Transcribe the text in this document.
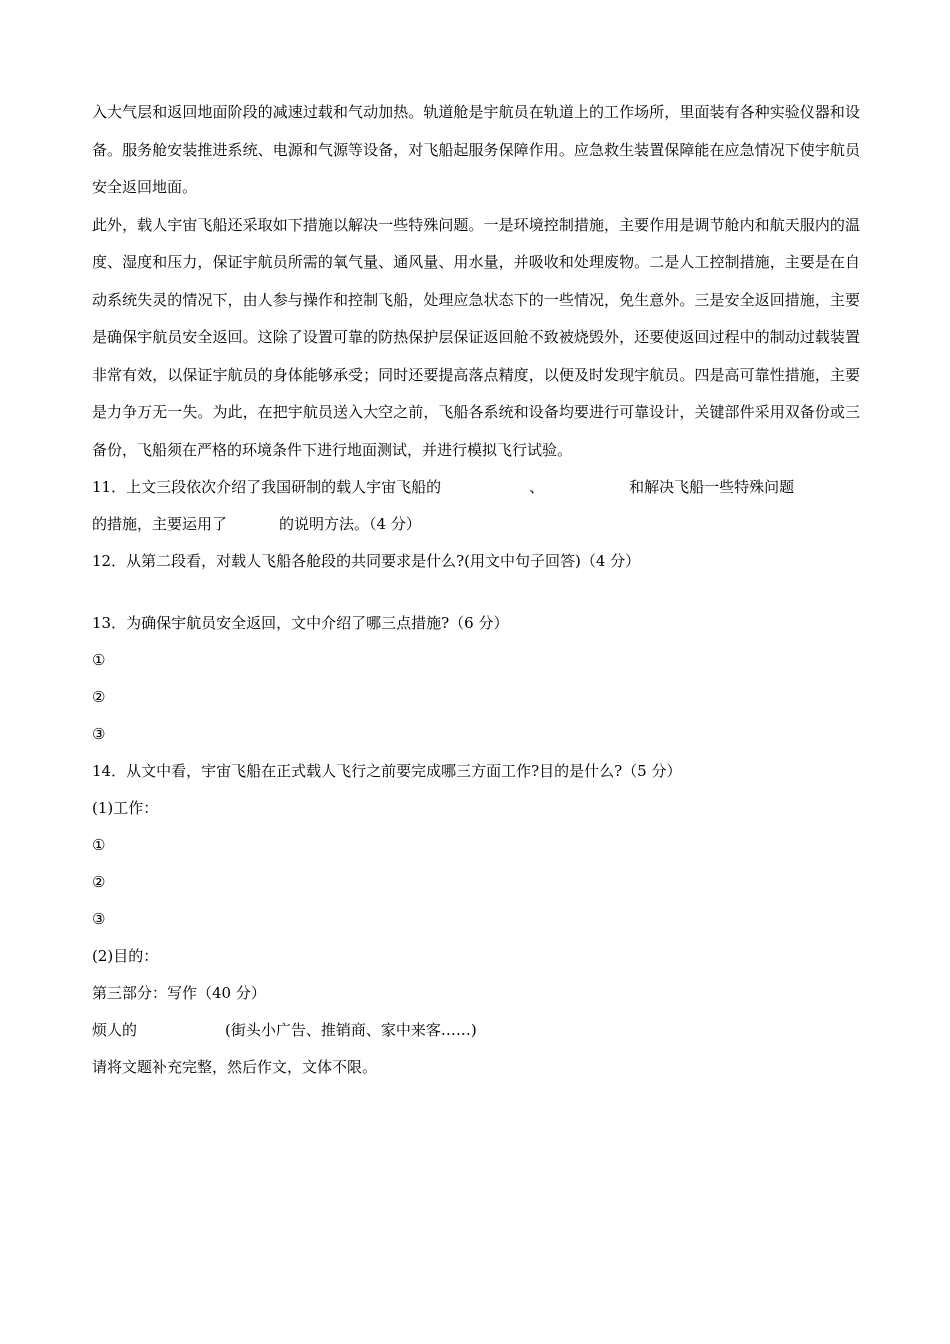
入大气层和返回地面阶段的减速过载和气动加热。轨道舱是宇航员在轨道上的工作场所，里面装有各种实验仪器和设备。服务舱安装推进系统、电源和气源等设备，对飞船起服务保障作用。应急救生装置保障能在应急情况下使宇航员安全返回地面。

此外，载人宇宙飞船还采取如下措施以解决一些特殊问题。一是环境控制措施，主要作用是调节舱内和航天服内的温度、湿度和压力，保证宇航员所需的氧气量、通风量、用水量，并吸收和处理废物。二是人工控制措施，主要是在自动系统失灵的情况下，由人参与操作和控制飞船，处理应急状态下的一些情况，免生意外。三是安全返回措施，主要是确保宇航员安全返回。这除了设置可靠的防热保护层保证返回舱不致被烧毁外，还要使返回过程中的制动过载装置非常有效，以保证宇航员的身体能够承受；同时还要提高落点精度，以便及时发现宇航员。四是高可靠性措施，主要是力争万无一失。为此，在把宇航员送入大空之前，飞船各系统和设备均要进行可靠设计，关键部件采用双备份或三备份，飞船须在严格的环境条件下进行地面测试，并进行模拟飞行试验。

11．上文三段依次介绍了我国研制的载人宇宙飞船的	、	和解决飞船一些特殊问题
的措施，主要运用了	的说明方法。（4 分）
12．从第二段看，对载人飞船各舱段的共同要求是什么?(用文中句子回答)（4 分）
13．为确保宇航员安全返回，文中介绍了哪三点措施?（6 分）
①
②
③
14．从文中看，宇宙飞船在正式载人飞行之前要完成哪三方面工作?目的是什么?（5 分）
(1)工作：
①
②
③
(2)目的：
第三部分：写作（40 分）
烦人的	(街头小广告、推销商、家中来客……)
请将文题补充完整，然后作文，文体不限。
